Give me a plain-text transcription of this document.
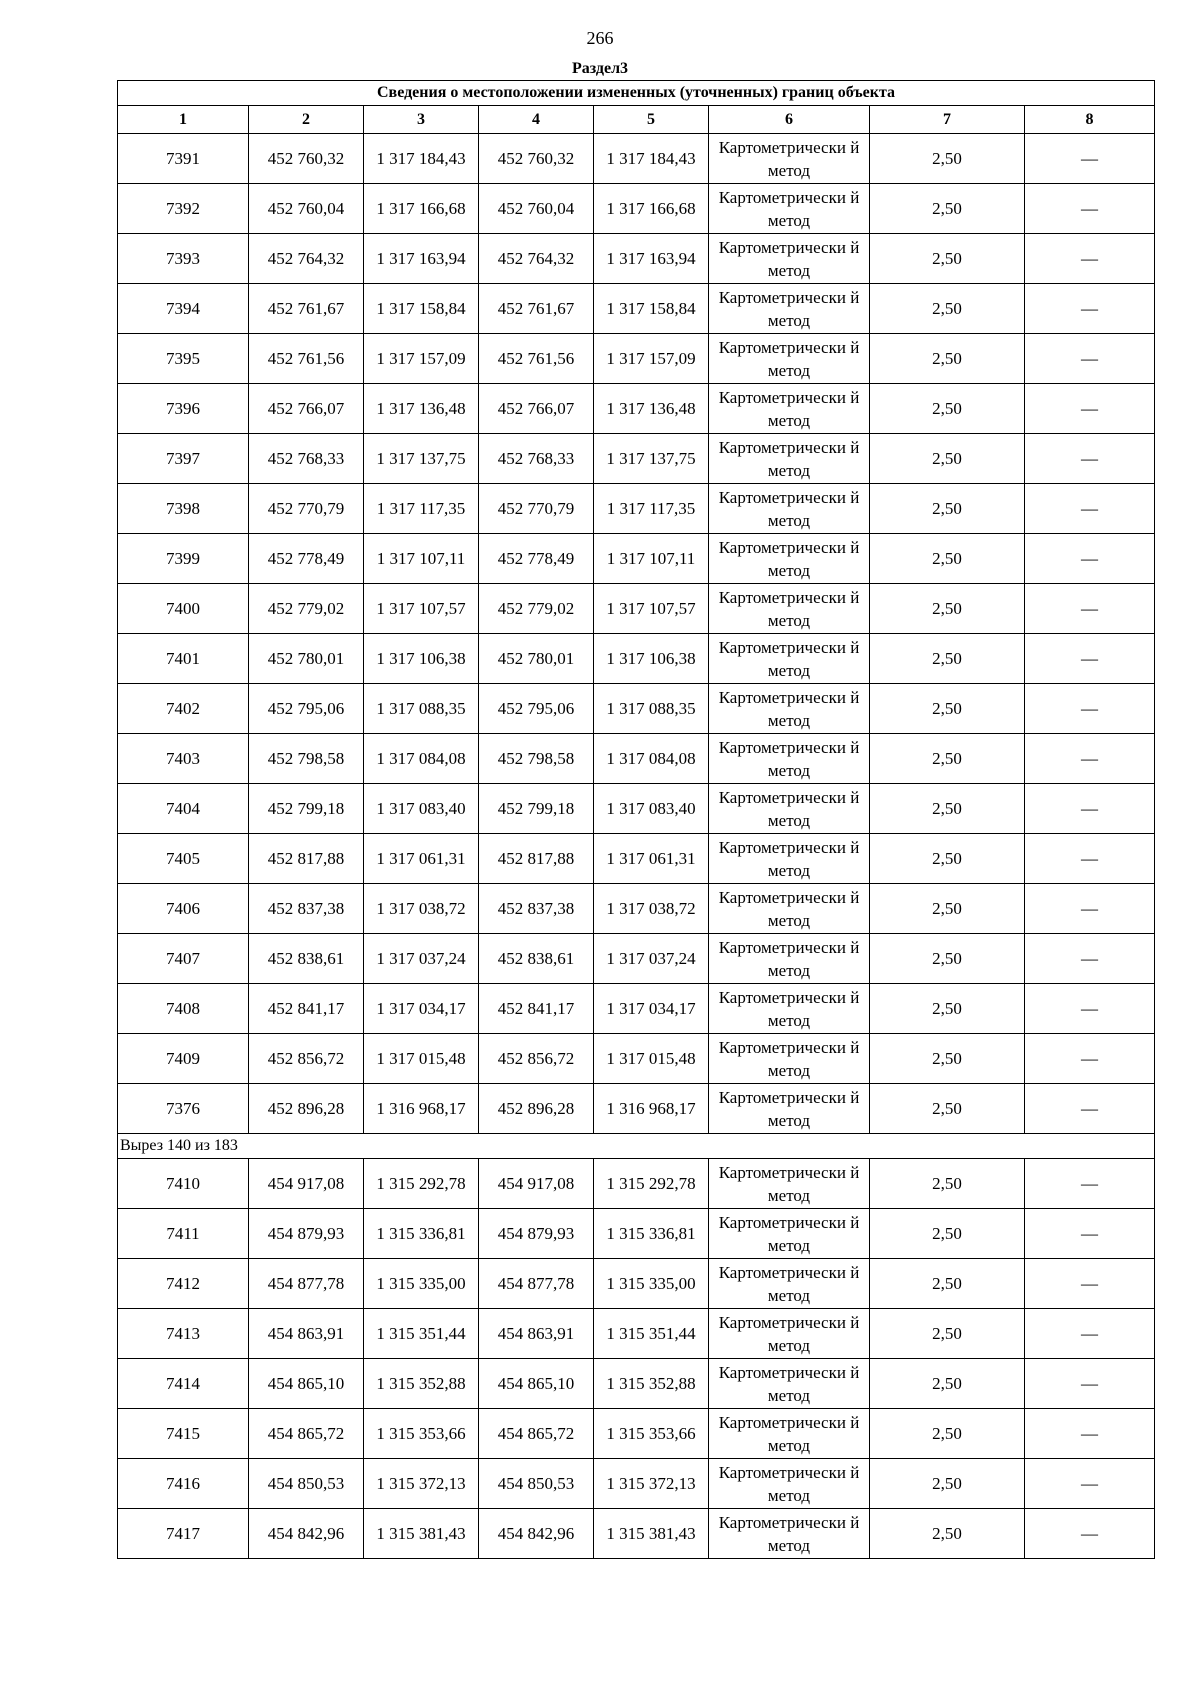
266
Раздел3
Сведения о местоположении измененных (уточненных) границ объекта							
1	2	3	4	5	6	7	8
7391	452 760,32	1 317 184,43	452 760,32	1 317 184,43	Картометрически й метод	2,50	—
7392	452 760,04	1 317 166,68	452 760,04	1 317 166,68	Картометрически й метод	2,50	—
7393	452 764,32	1 317 163,94	452 764,32	1 317 163,94	Картометрически й метод	2,50	—
7394	452 761,67	1 317 158,84	452 761,67	1 317 158,84	Картометрически й метод	2,50	—
7395	452 761,56	1 317 157,09	452 761,56	1 317 157,09	Картометрически й метод	2,50	—
7396	452 766,07	1 317 136,48	452 766,07	1 317 136,48	Картометрически й метод	2,50	—
7397	452 768,33	1 317 137,75	452 768,33	1 317 137,75	Картометрически й метод	2,50	—
7398	452 770,79	1 317 117,35	452 770,79	1 317 117,35	Картометрически й метод	2,50	—
7399	452 778,49	1 317 107,11	452 778,49	1 317 107,11	Картометрически й метод	2,50	—
7400	452 779,02	1 317 107,57	452 779,02	1 317 107,57	Картометрически й метод	2,50	—
7401	452 780,01	1 317 106,38	452 780,01	1 317 106,38	Картометрически й метод	2,50	—
7402	452 795,06	1 317 088,35	452 795,06	1 317 088,35	Картометрически й метод	2,50	—
7403	452 798,58	1 317 084,08	452 798,58	1 317 084,08	Картометрически й метод	2,50	—
7404	452 799,18	1 317 083,40	452 799,18	1 317 083,40	Картометрически й метод	2,50	—
7405	452 817,88	1 317 061,31	452 817,88	1 317 061,31	Картометрически й метод	2,50	—
7406	452 837,38	1 317 038,72	452 837,38	1 317 038,72	Картометрически й метод	2,50	—
7407	452 838,61	1 317 037,24	452 838,61	1 317 037,24	Картометрически й метод	2,50	—
7408	452 841,17	1 317 034,17	452 841,17	1 317 034,17	Картометрически й метод	2,50	—
7409	452 856,72	1 317 015,48	452 856,72	1 317 015,48	Картометрически й метод	2,50	—
7376	452 896,28	1 316 968,17	452 896,28	1 316 968,17	Картометрически й метод	2,50	—
Вырез 140 из 183							
7410	454 917,08	1 315 292,78	454 917,08	1 315 292,78	Картометрически й метод	2,50	—
7411	454 879,93	1 315 336,81	454 879,93	1 315 336,81	Картометрически й метод	2,50	—
7412	454 877,78	1 315 335,00	454 877,78	1 315 335,00	Картометрически й метод	2,50	—
7413	454 863,91	1 315 351,44	454 863,91	1 315 351,44	Картометрически й метод	2,50	—
7414	454 865,10	1 315 352,88	454 865,10	1 315 352,88	Картометрически й метод	2,50	—
7415	454 865,72	1 315 353,66	454 865,72	1 315 353,66	Картометрически й метод	2,50	—
7416	454 850,53	1 315 372,13	454 850,53	1 315 372,13	Картометрически й метод	2,50	—
7417	454 842,96	1 315 381,43	454 842,96	1 315 381,43	Картометрически й метод	2,50	—
